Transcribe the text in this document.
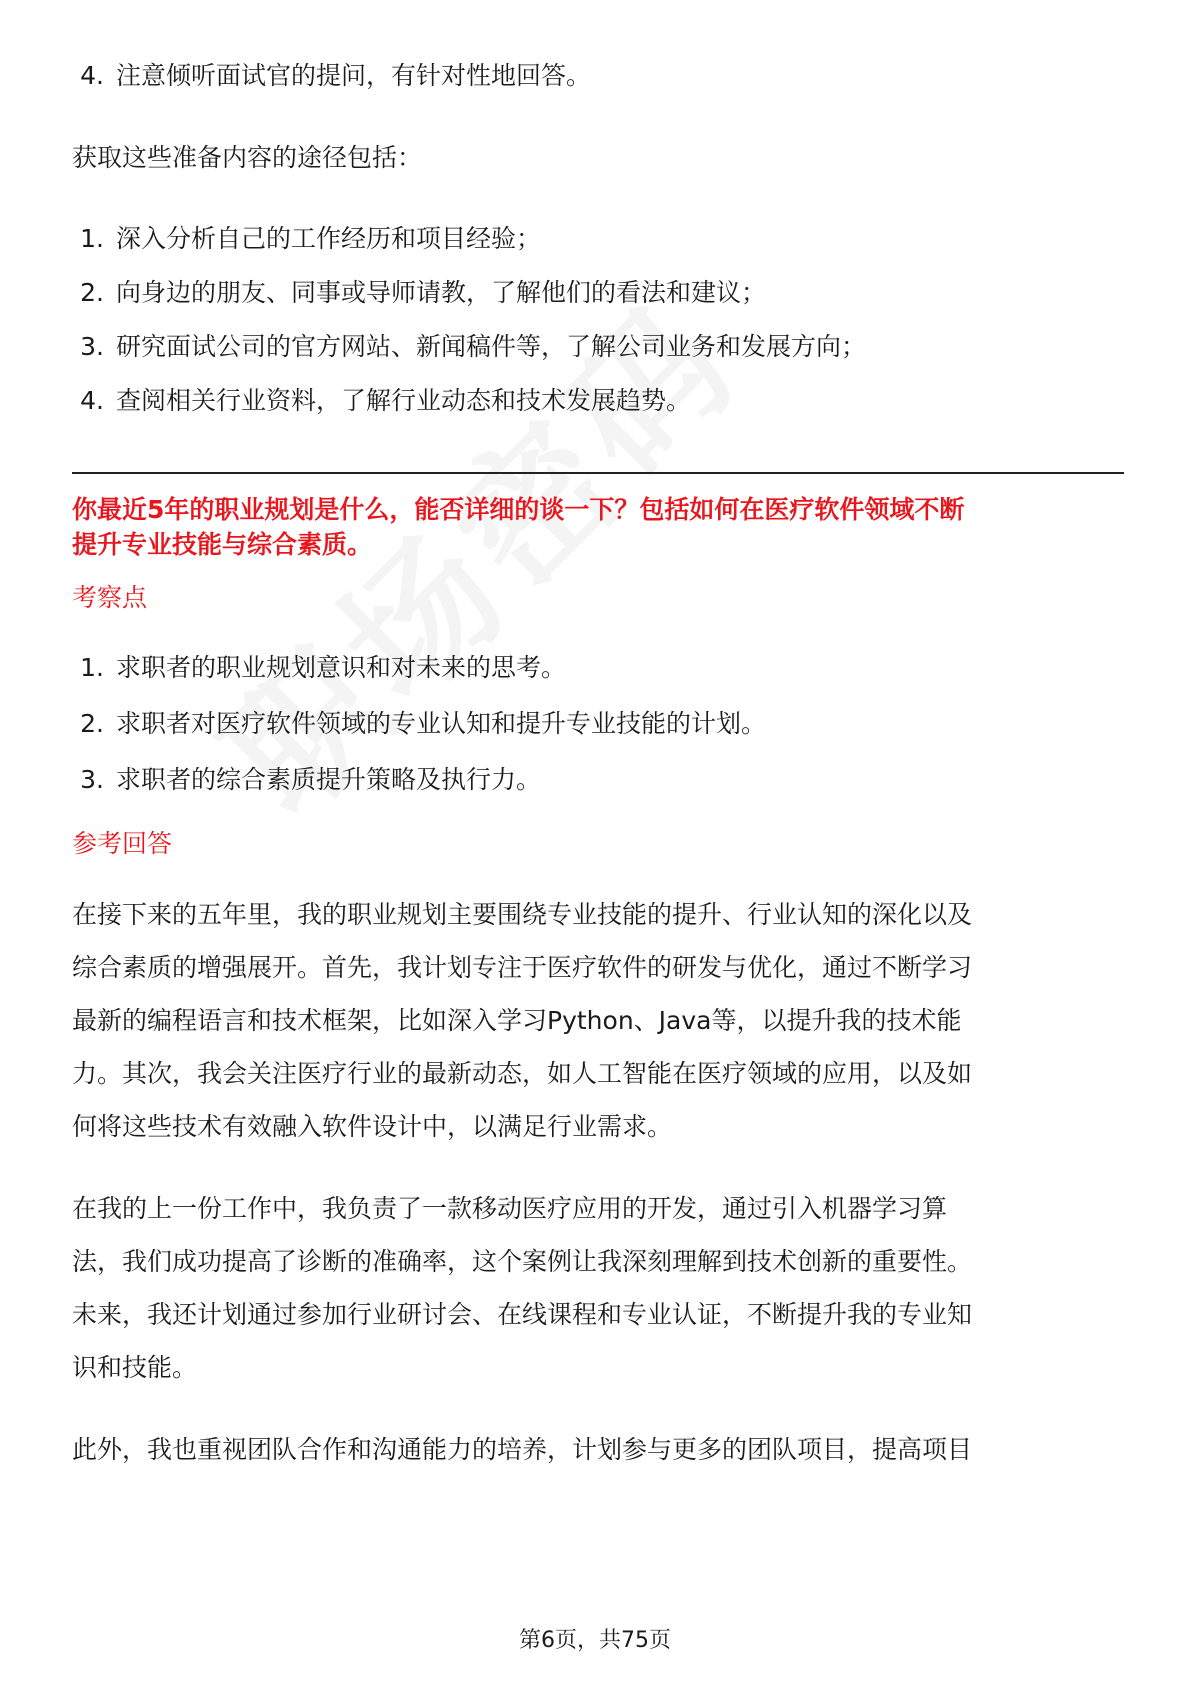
4. 注意倾听面试官的提问，有针对性地回答。

获取这些准备内容的途径包括：

1. 深入分析自己的工作经历和项目经验；
2. 向身边的朋友、同事或导师请教，了解他们的看法和建议；
3. 研究面试公司的官方网站、新闻稿件等，了解公司业务和发展方向；
4. 查阅相关行业资料，了解行业动态和技术发展趋势。

你最近5年的职业规划是什么，能否详细的谈一下？包括如何在医疗软件领域不断

提升专业技能与综合素质。

考察点

1. 求职者的职业规划意识和对未来的思考。
2. 求职者对医疗软件领域的专业认知和提升专业技能的计划。
3. 求职者的综合素质提升策略及执行力。

参考回答

在接下来的五年里，我的职业规划主要围绕专业技能的提升、行业认知的深化以及

综合素质的增强展开。首先，我计划专注于医疗软件的研发与优化，通过不断学习

最新的编程语言和技术框架，比如深入学习Python、Java等，以提升我的技术能

力。其次，我会关注医疗行业的最新动态，如人工智能在医疗领域的应用，以及如

何将这些技术有效融入软件设计中，以满足行业需求。

在我的上一份工作中，我负责了一款移动医疗应用的开发，通过引入机器学习算

法，我们成功提高了诊断的准确率，这个案例让我深刻理解到技术创新的重要性。

未来，我还计划通过参加行业研讨会、在线课程和专业认证，不断提升我的专业知

识和技能。

此外，我也重视团队合作和沟通能力的培养，计划参与更多的团队项目，提高项目

第6页，共75页
